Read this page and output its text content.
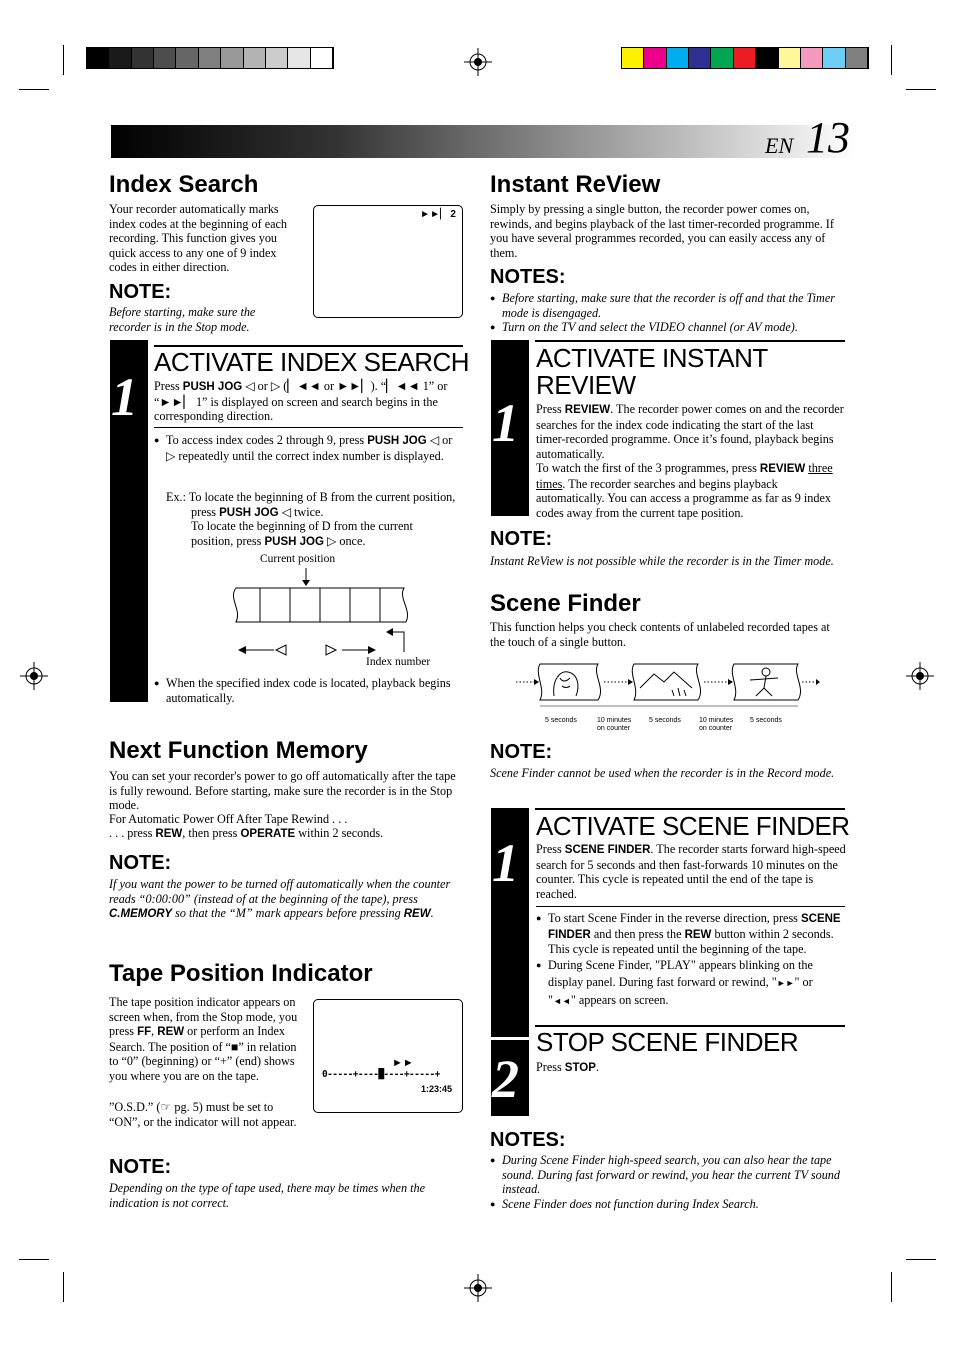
EN 13
Index Search
Your recorder automatically marks index codes at the beginning of each recording. This function gives you quick access to any one of 9 index codes in either direction.
►►▏ 2
NOTE:
Before starting, make sure the recorder is in the Stop mode.
1
ACTIVATE INDEX SEARCH
Press PUSH JOG ◁ or ▷ (▏◄◄ or ►►▏). “▏◄◄ 1” or “►►▏ 1” is displayed on screen and search begins in the corresponding direction.
● To access index codes 2 through 9, press PUSH JOG ◁ or ▷ repeatedly until the correct index number is displayed.
Ex.: To locate the beginning of B from the current position, press PUSH JOG ◁ twice.
To locate the beginning of D from the current position, press PUSH JOG ▷ once.
Current position
Index number
● When the specified index code is located, playback begins automatically.
Next Function Memory
You can set your recorder's power to go off automatically after the tape is fully rewound. Before starting, make sure the recorder is in the Stop mode.
For Automatic Power Off After Tape Rewind . . .
. . . press REW, then press OPERATE within 2 seconds.
NOTE:
If you want the power to be turned off automatically when the counter reads “0:00:00” (instead of at the beginning of the tape), press C.MEMORY so that the “M” mark appears before pressing REW.
Tape Position Indicator
The tape position indicator appears on screen when, from the Stop mode, you press FF, REW or perform an Index Search. The position of “■” in relation to “0” (beginning) or “+” (end) shows you where you are on the tape.
”O.S.D.” (☞ pg. 5) must be set to “ON”, or the indicator will not appear.
►►
0-----+----█----+-----+
1:23:45
NOTE:
Depending on the type of tape used, there may be times when the indication is not correct.
Instant ReView
Simply by pressing a single button, the recorder power comes on, rewinds, and begins playback of the last timer-recorded programme. If you have several programmes recorded, you can easily access any of them.
NOTES:
● Before starting, make sure that the recorder is off and that the Timer mode is disengaged.
● Turn on the TV and select the VIDEO channel (or AV mode).
1
ACTIVATE INSTANT REVIEW
Press REVIEW. The recorder power comes on and the recorder searches for the index code indicating the start of the last timer-recorded programme. Once it’s found, playback begins automatically.
To watch the first of the 3 programmes, press REVIEW three times. The recorder searches and begins playback automatically. You can access a programme as far as 9 index codes away from the current tape position.
NOTE:
Instant ReView is not possible while the recorder is in the Timer mode.
Scene Finder
This function helps you check contents of unlabeled recorded tapes at the touch of a single button.
5 seconds	10 minutes
on counter
5 seconds	10 minutes
on counter
5 seconds
NOTE:
Scene Finder cannot be used when the recorder is in the Record mode.
1
ACTIVATE SCENE FINDER
Press SCENE FINDER. The recorder starts forward high-speed search for 5 seconds and then fast-forwards 10 minutes on the counter. This cycle is repeated until the end of the tape is reached.
● To start Scene Finder in the reverse direction, press SCENE FINDER and then press the REW button within 2 seconds. This cycle is repeated until the beginning of the tape.
● During Scene Finder, "PLAY" appears blinking on the display panel. During fast forward or rewind, "►►" or "◄◄" appears on screen.
2
STOP SCENE FINDER
Press STOP.
NOTES:
● During Scene Finder high-speed search, you can also hear the tape sound. During fast forward or rewind, you hear the current TV sound instead.
● Scene Finder does not function during Index Search.
